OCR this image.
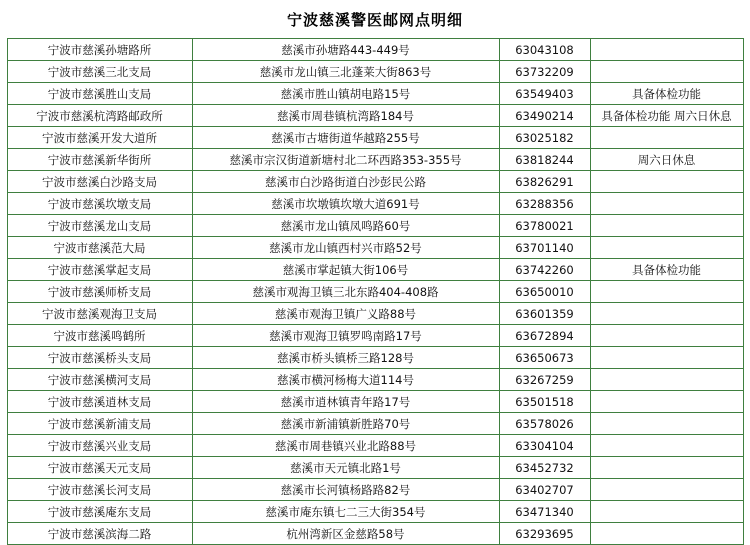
宁波慈溪警医邮网点明细
宁波市慈溪孙塘路所	慈溪市孙塘路443-449号	63043108	
宁波市慈溪三北支局	慈溪市龙山镇三北蓬莱大街863号	63732209	
宁波市慈溪胜山支局	慈溪市胜山镇胡电路15号	63549403	具备体检功能
宁波市慈溪杭湾路邮政所	慈溪市周巷镇杭湾路184号	63490214	具备体检功能 周六日休息
宁波市慈溪开发大道所	慈溪市古塘街道华越路255号	63025182	
宁波市慈溪新华街所	慈溪市宗汉街道新塘村北二环西路353-355号	63818244	周六日休息
宁波市慈溪白沙路支局	慈溪市白沙路街道白沙彭民公路	63826291	
宁波市慈溪坎墩支局	慈溪市坎墩镇坎墩大道691号	63288356	
宁波市慈溪龙山支局	慈溪市龙山镇凤鸣路60号	63780021	
宁波市慈溪范大局	慈溪市龙山镇西村兴市路52号	63701140	
宁波市慈溪掌起支局	慈溪市掌起镇大街106号	63742260	具备体检功能
宁波市慈溪师桥支局	慈溪市观海卫镇三北东路404-408路	63650010	
宁波市慈溪观海卫支局	慈溪市观海卫镇广义路88号	63601359	
宁波市慈溪鸣鹤所	慈溪市观海卫镇罗鸣南路17号	63672894	
宁波市慈溪桥头支局	慈溪市桥头镇桥三路128号	63650673	
宁波市慈溪横河支局	慈溪市横河杨梅大道114号	63267259	
宁波市慈溪逍林支局	慈溪市逍林镇青年路17号	63501518	
宁波市慈溪新浦支局	慈溪市新浦镇新胜路70号	63578026	
宁波市慈溪兴业支局	慈溪市周巷镇兴业北路88号	63304104	
宁波市慈溪天元支局	慈溪市天元镇北路1号	63452732	
宁波市慈溪长河支局	慈溪市长河镇杨路路82号	63402707	
宁波市慈溪庵东支局	慈溪市庵东镇七二三大街354号	63471340	
宁波市慈溪滨海二路	杭州湾新区金慈路58号	63293695	
